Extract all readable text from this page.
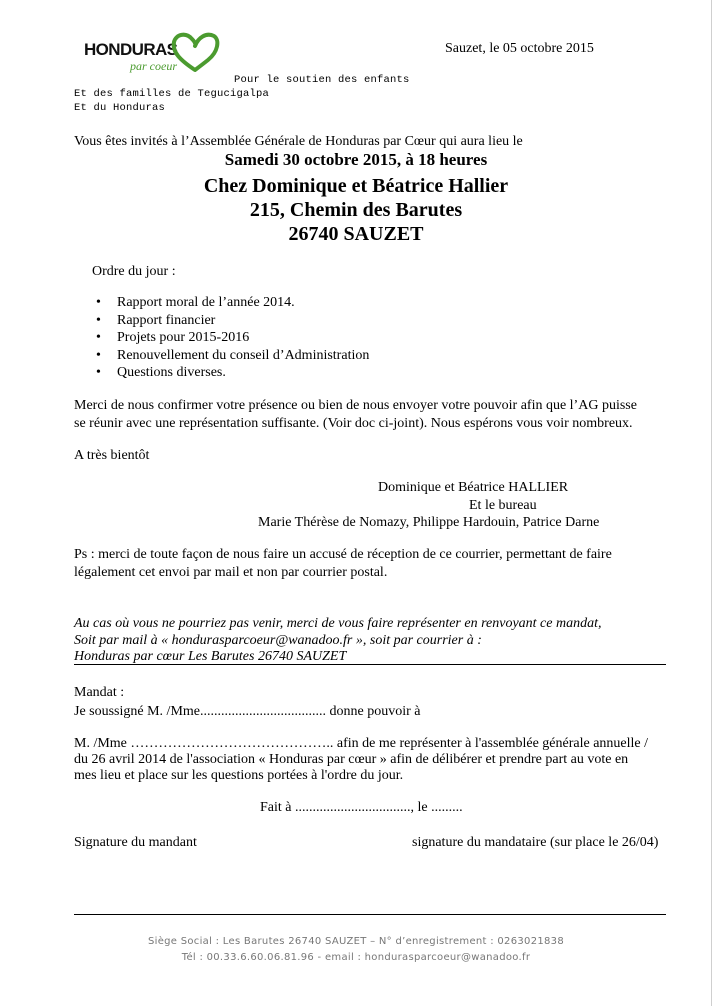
HONDURAS
par coeur
Sauzet, le 05 octobre 2015
Pour le soutien des enfants
Et des familles de Tegucigalpa
Et du Honduras
Vous êtes invités à l’Assemblée Générale de Honduras par Cœur qui aura lieu le
Samedi 30 octobre 2015, à 18 heures
Chez Dominique et Béatrice Hallier
215, Chemin des Barutes
26740 SAUZET
Ordre du jour :
• Rapport moral de l’année 2014.
• Rapport financier
• Projets pour 2015-2016
• Renouvellement du conseil d’Administration
• Questions diverses.
Merci de nous confirmer votre présence ou bien de nous envoyer votre pouvoir afin que l’AG puisse
se réunir avec une représentation suffisante. (Voir doc ci-joint). Nous espérons vous voir nombreux.
A très bientôt
Dominique et Béatrice HALLIER
Et le bureau
Marie Thérèse de Nomazy, Philippe Hardouin, Patrice Darne
Ps : merci de toute façon de nous faire un accusé de réception de ce courrier, permettant de faire
légalement cet envoi par mail et non par courrier postal.
Au cas où vous ne pourriez pas venir, merci de vous faire représenter en renvoyant ce mandat,
Soit par mail à « hondurasparcoeur@wanadoo.fr », soit par courrier à :
Honduras par cœur Les Barutes 26740 SAUZET
Mandat :
Je soussigné M. /Mme.................................... donne pouvoir à
M. /Mme …………………………………….. afin de me représenter à l'assemblée générale annuelle /
du 26 avril 2014 de l'association « Honduras par cœur » afin de délibérer et prendre part au vote en
mes lieu et place sur les questions portées à l'ordre du jour.
Fait à ................................., le .........
Signature du mandant	signature du mandataire (sur place le 26/04)
Siège Social : Les Barutes 26740 SAUZET – N° d’enregistrement : 0263021838
Tél : 00.33.6.60.06.81.96 - email : hondurasparcoeur@wanadoo.fr
